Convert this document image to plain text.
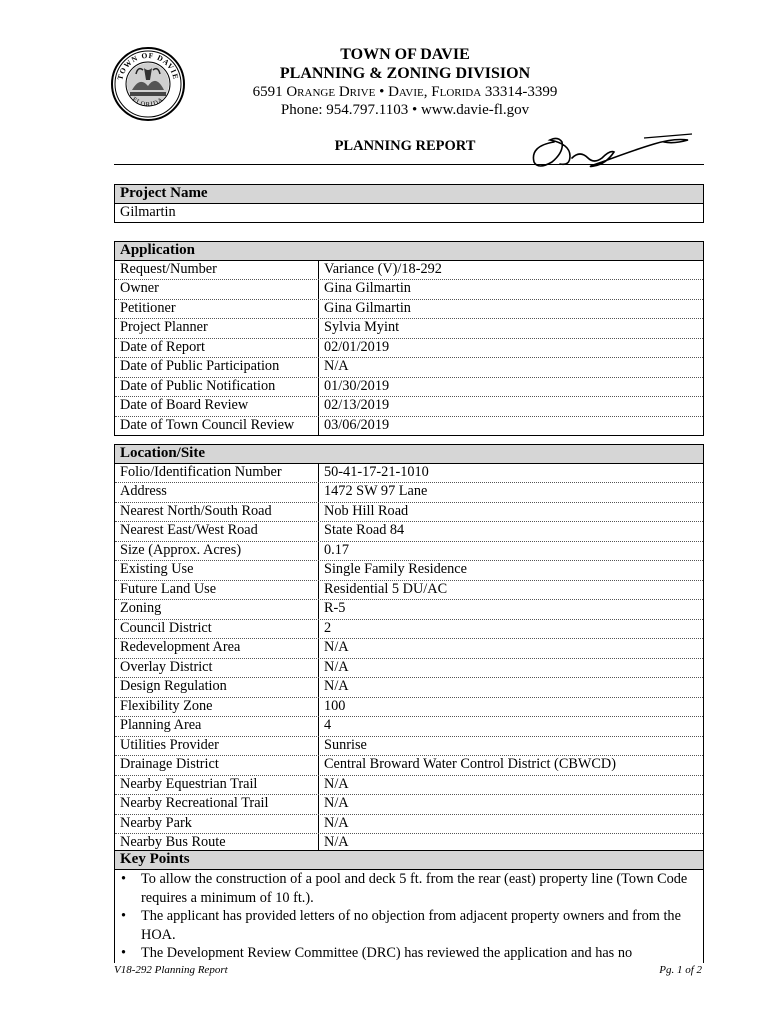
TOWN OF DAVIE
FLORIDA
TOWN OF DAVIE
PLANNING & ZONING DIVISION
6591 Orange Drive • Davie, Florida 33314-3399
Phone: 954.797.1103 • www.davie-fl.gov
PLANNING REPORT
Project Name
Gilmartin
Application
Request/Number	Variance (V)/18-292
Owner	Gina Gilmartin
Petitioner	Gina Gilmartin
Project Planner	Sylvia Myint
Date of Report	02/01/2019
Date of Public Participation	N/A
Date of Public Notification	01/30/2019
Date of Board Review	02/13/2019
Date of Town Council Review	03/06/2019
Location/Site
Folio/Identification Number	50-41-17-21-1010
Address	1472 SW 97 Lane
Nearest North/South Road	Nob Hill Road
Nearest East/West Road	State Road 84
Size (Approx. Acres)	0.17
Existing Use	Single Family Residence
Future Land Use	Residential 5 DU/AC
Zoning	R-5
Council District	2
Redevelopment Area	N/A
Overlay District	N/A
Design Regulation	N/A
Flexibility Zone	100
Planning Area	4
Utilities Provider	Sunrise
Drainage District	Central Broward Water Control District (CBWCD)
Nearby Equestrian Trail	N/A
Nearby Recreational Trail	N/A
Nearby Park	N/A
Nearby Bus Route	N/A
Key Points
• To allow the construction of a pool and deck 5 ft. from the rear (east) property line (Town Code requires a minimum of 10 ft.).
• The applicant has provided letters of no objection from adjacent property owners and from the HOA.
• The Development Review Committee (DRC) has reviewed the application and has no
V18-292 Planning Report	Pg. 1 of 2
